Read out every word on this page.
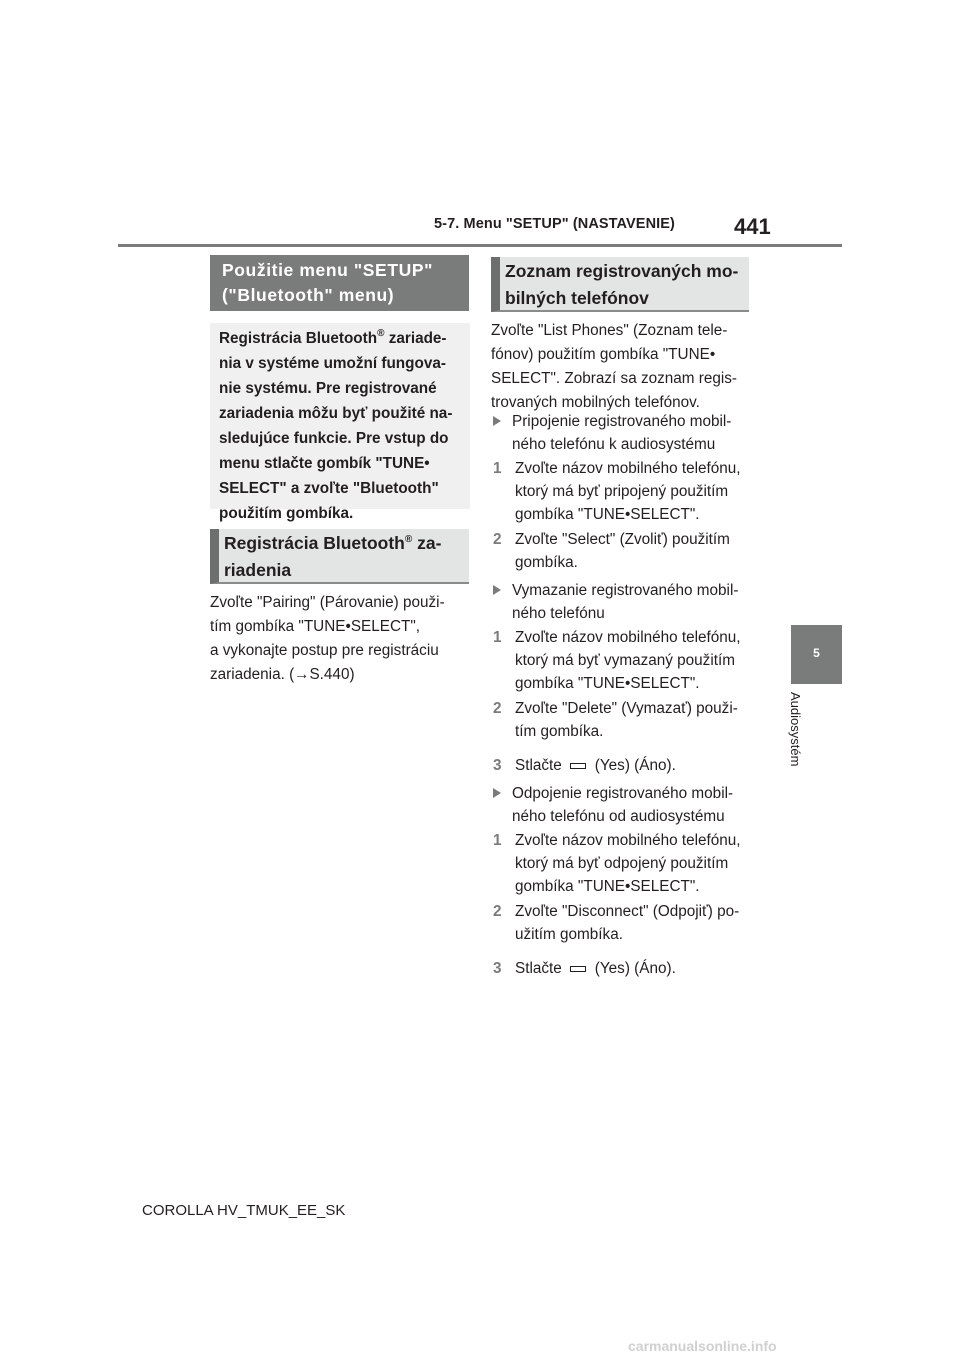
5-7. Menu "SETUP" (NASTAVENIE)	441
5
Audiosystém
Použitie menu "SETUP"
("Bluetooth" menu)
Registrácia Bluetooth® zariade-
nia v systéme umožní fungova-
nie systému. Pre registrované
zariadenia môžu byť použité na-
sledujúce funkcie. Pre vstup do
menu stlačte gombík "TUNE•
SELECT" a zvoľte "Bluetooth"
použitím gombíka.
Registrácia Bluetooth® za-
riadenia
Zvoľte "Pairing" (Párovanie) použi-
tím gombíka "TUNE•SELECT",
a vykonajte postup pre registráciu
zariadenia. (→S.440)
Zoznam registrovaných mo-
bilných telefónov
Zvoľte "List Phones" (Zoznam tele-
fónov) použitím gombíka "TUNE•
SELECT". Zobrazí sa zoznam regis-
trovaných mobilných telefónov.
Pripojenie registrovaného mobil-
ného telefónu k audiosystému
1 Zvoľte názov mobilného telefónu,
ktorý má byť pripojený použitím
gombíka "TUNE•SELECT".
2 Zvoľte "Select" (Zvoliť) použitím
gombíka.
Vymazanie registrovaného mobil-
ného telefónu
1 Zvoľte názov mobilného telefónu,
ktorý má byť vymazaný použitím
gombíka "TUNE•SELECT".
2 Zvoľte "Delete" (Vymazať) použi-
tím gombíka.
3 Stlačte (Yes) (Áno).
Odpojenie registrovaného mobil-
ného telefónu od audiosystému
1 Zvoľte názov mobilného telefónu,
ktorý má byť odpojený použitím
gombíka "TUNE•SELECT".
2 Zvoľte "Disconnect" (Odpojiť) po-
užitím gombíka.
3 Stlačte (Yes) (Áno).
COROLLA HV_TMUK_EE_SK
carmanualsonline.info
